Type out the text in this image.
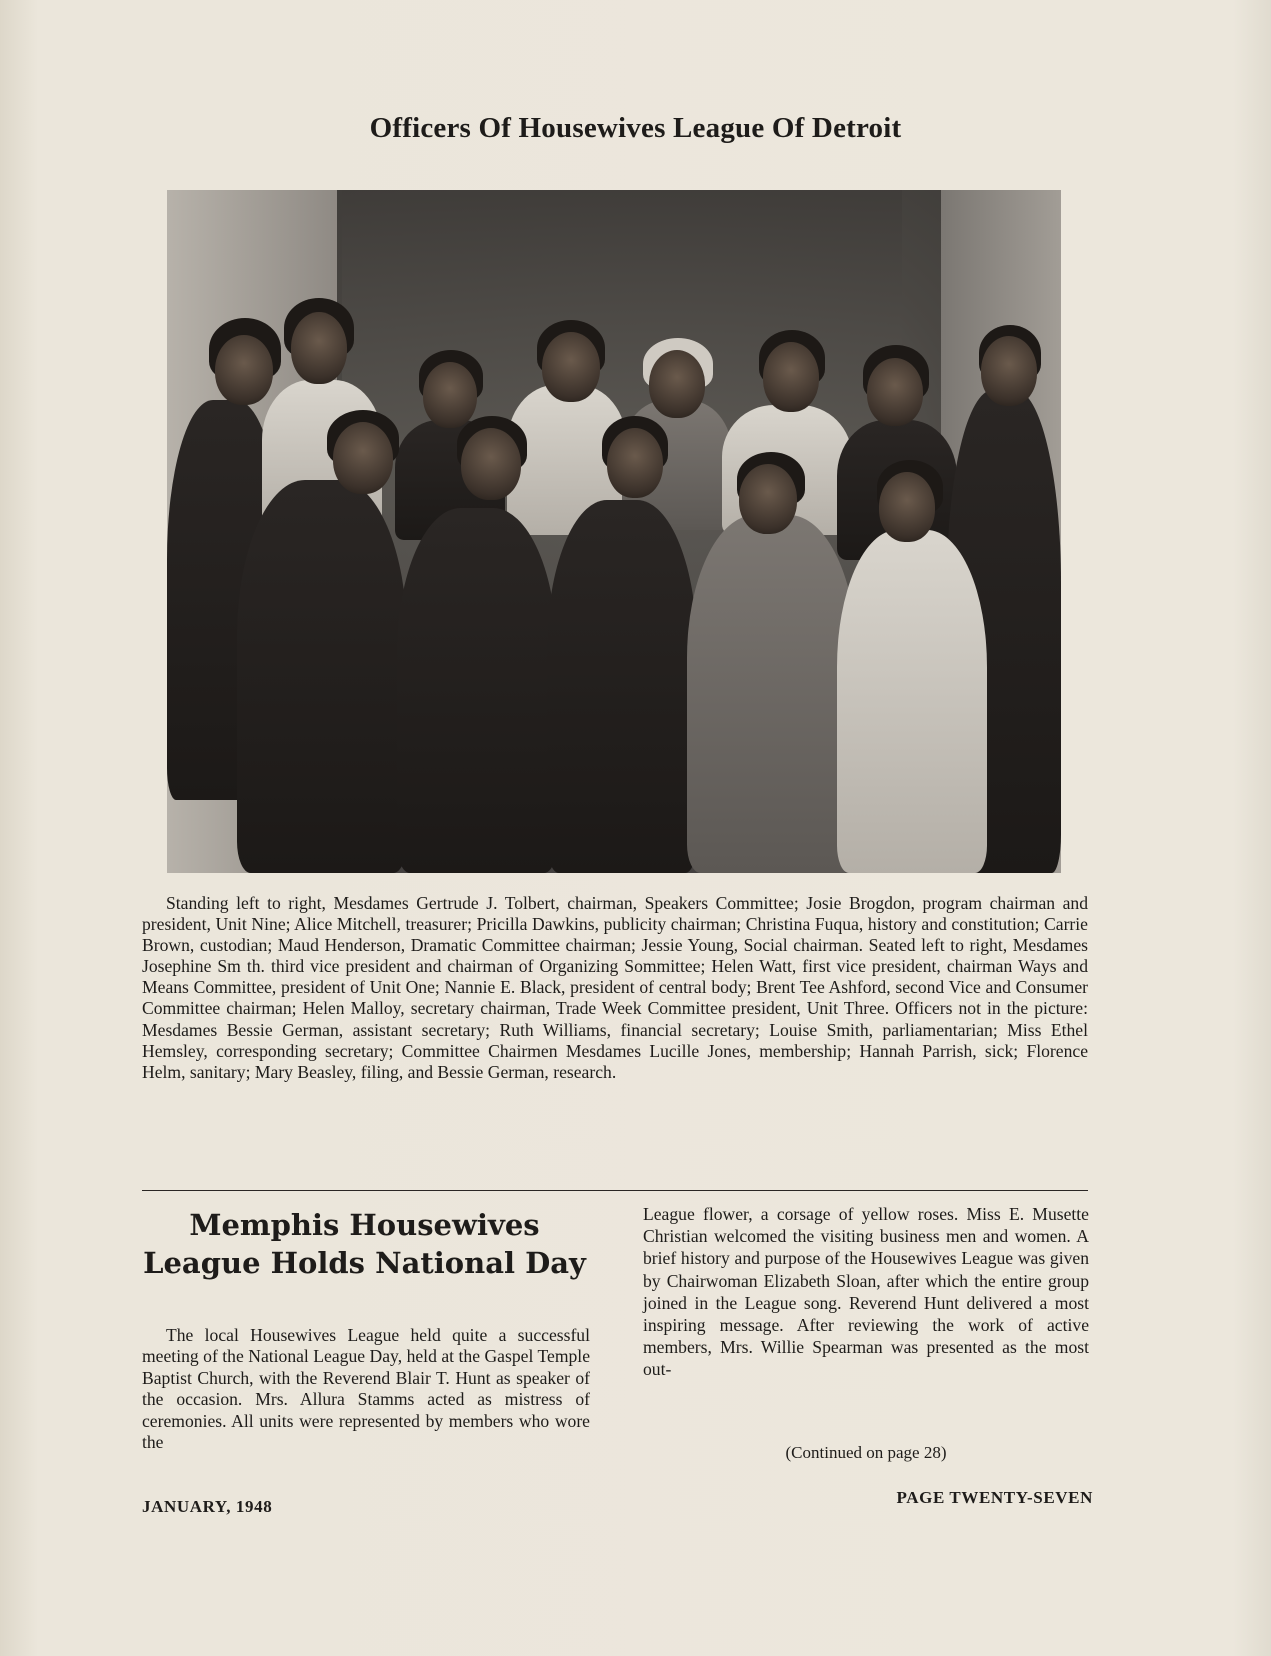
Officers Of Housewives League Of Detroit

Standing left to right, Mesdames Gertrude J. Tolbert, chairman, Speakers Committee; Josie Brogdon, program chairman and president, Unit Nine; Alice Mitchell, treasurer; Pricilla Dawkins, publicity chairman; Christina Fuqua, history and constitution; Carrie Brown, custodian; Maud Henderson, Dramatic Committee chairman; Jessie Young, Social chairman. Seated left to right, Mesdames Josephine Sm th. third vice president and chairman of Organizing Sommittee; Helen Watt, first vice president, chairman Ways and Means Committee, president of Unit One; Nannie E. Black, president of central body; Brent Tee Ashford, second Vice and Consumer Committee chairman; Helen Malloy, secretary chairman, Trade Week Committee president, Unit Three. Officers not in the picture: Mesdames Bessie German, assistant secretary; Ruth Williams, financial secretary; Louise Smith, parliamentarian; Miss Ethel Hemsley, corresponding secretary; Committee Chairmen Mesdames Lucille Jones, membership; Hannah Parrish, sick; Florence Helm, sanitary; Mary Beasley, filing, and Bessie German, research.

Memphis Housewives League Holds National Day

The local Housewives League held quite a successful meeting of the National League Day, held at the Gaspel Temple Baptist Church, with the Reverend Blair T. Hunt as speaker of the occasion. Mrs. Allura Stamms acted as mistress of ceremonies. All units were represented by members who wore the

League flower, a corsage of yellow roses. Miss E. Musette Christian welcomed the visiting business men and women. A brief history and purpose of the Housewives League was given by Chairwoman Elizabeth Sloan, after which the entire group joined in the League song. Reverend Hunt delivered a most inspiring message. After reviewing the work of active members, Mrs. Willie Spearman was presented as the most out-

(Continued on page 28)

JANUARY, 1948	PAGE TWENTY-SEVEN
